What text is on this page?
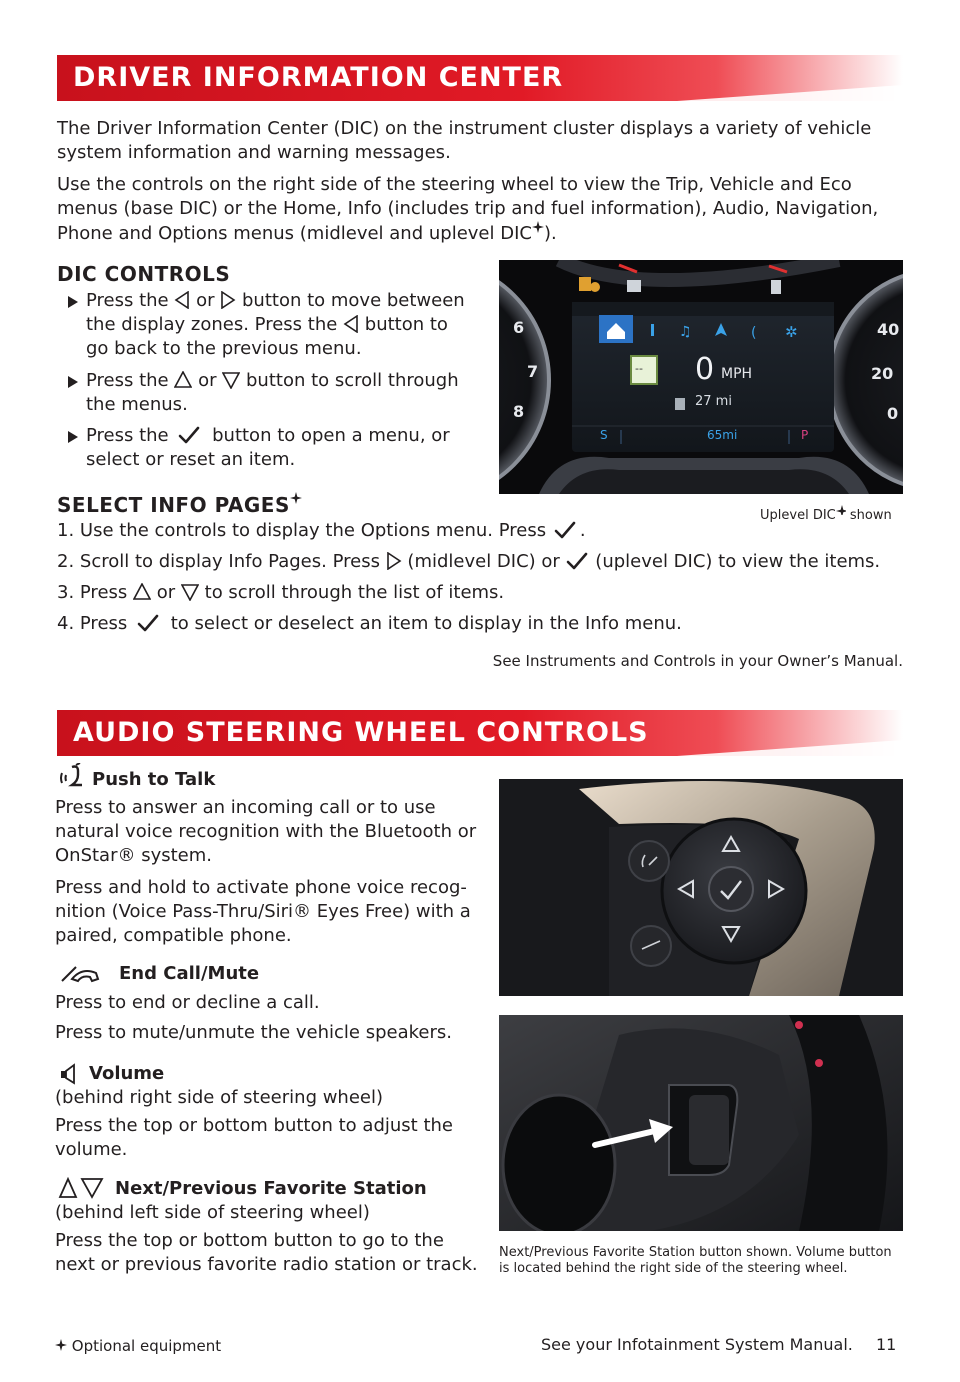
DRIVER INFORMATION CENTER
The Driver Information Center (DIC) on the instrument cluster displays a variety of vehicle system information and warning messages.
Use the controls on the right side of the steering wheel to view the Trip, Vehicle and Eco menus (base DIC) or the Home, Info (includes trip and fuel information), Audio, Navigation, Phone and Options menus (midlevel and uplevel DIC ).
DIC CONTROLS
Press the or button to move between
the display zones. Press the button to
go back to the previous menu.
Press the or button to scroll through
the menus.
Press the button to open a menu, or
select or reset an item.
♫	( ✲
-- 0 MPH
27 mi
S	65mi	P
40
20
0
6
7
8
Uplevel DIC shown
SELECT INFO PAGES
1. Use the controls to display the Options menu. Press .
2. Scroll to display Info Pages. Press (midlevel DIC) or (uplevel DIC) to view the items.
3. Press or to scroll through the list of items.
4. Press to select or deselect an item to display in the Info menu.
See Instruments and Controls in your Owner’s Manual.
AUDIO STEERING WHEEL CONTROLS
Push to Talk
Press to answer an incoming call or to use natural voice recognition with the Bluetooth or OnStar® system.
Press and hold to activate phone voice recog-nition (Voice Pass-Thru/Siri® Eyes Free) with a paired, compatible phone.
End Call/Mute
Press to end or decline a call.
Press to mute/unmute the vehicle speakers.
Volume
(behind right side of steering wheel)
Press the top or bottom button to adjust the volume.
Next/Previous Favorite Station
(behind left side of steering wheel)
Press the top or bottom button to go to the next or previous favorite radio station or track.
Next/Previous Favorite Station button shown. Volume button is located behind the right side of the steering wheel.
Optional equipment	See your Infotainment System Manual. 11
